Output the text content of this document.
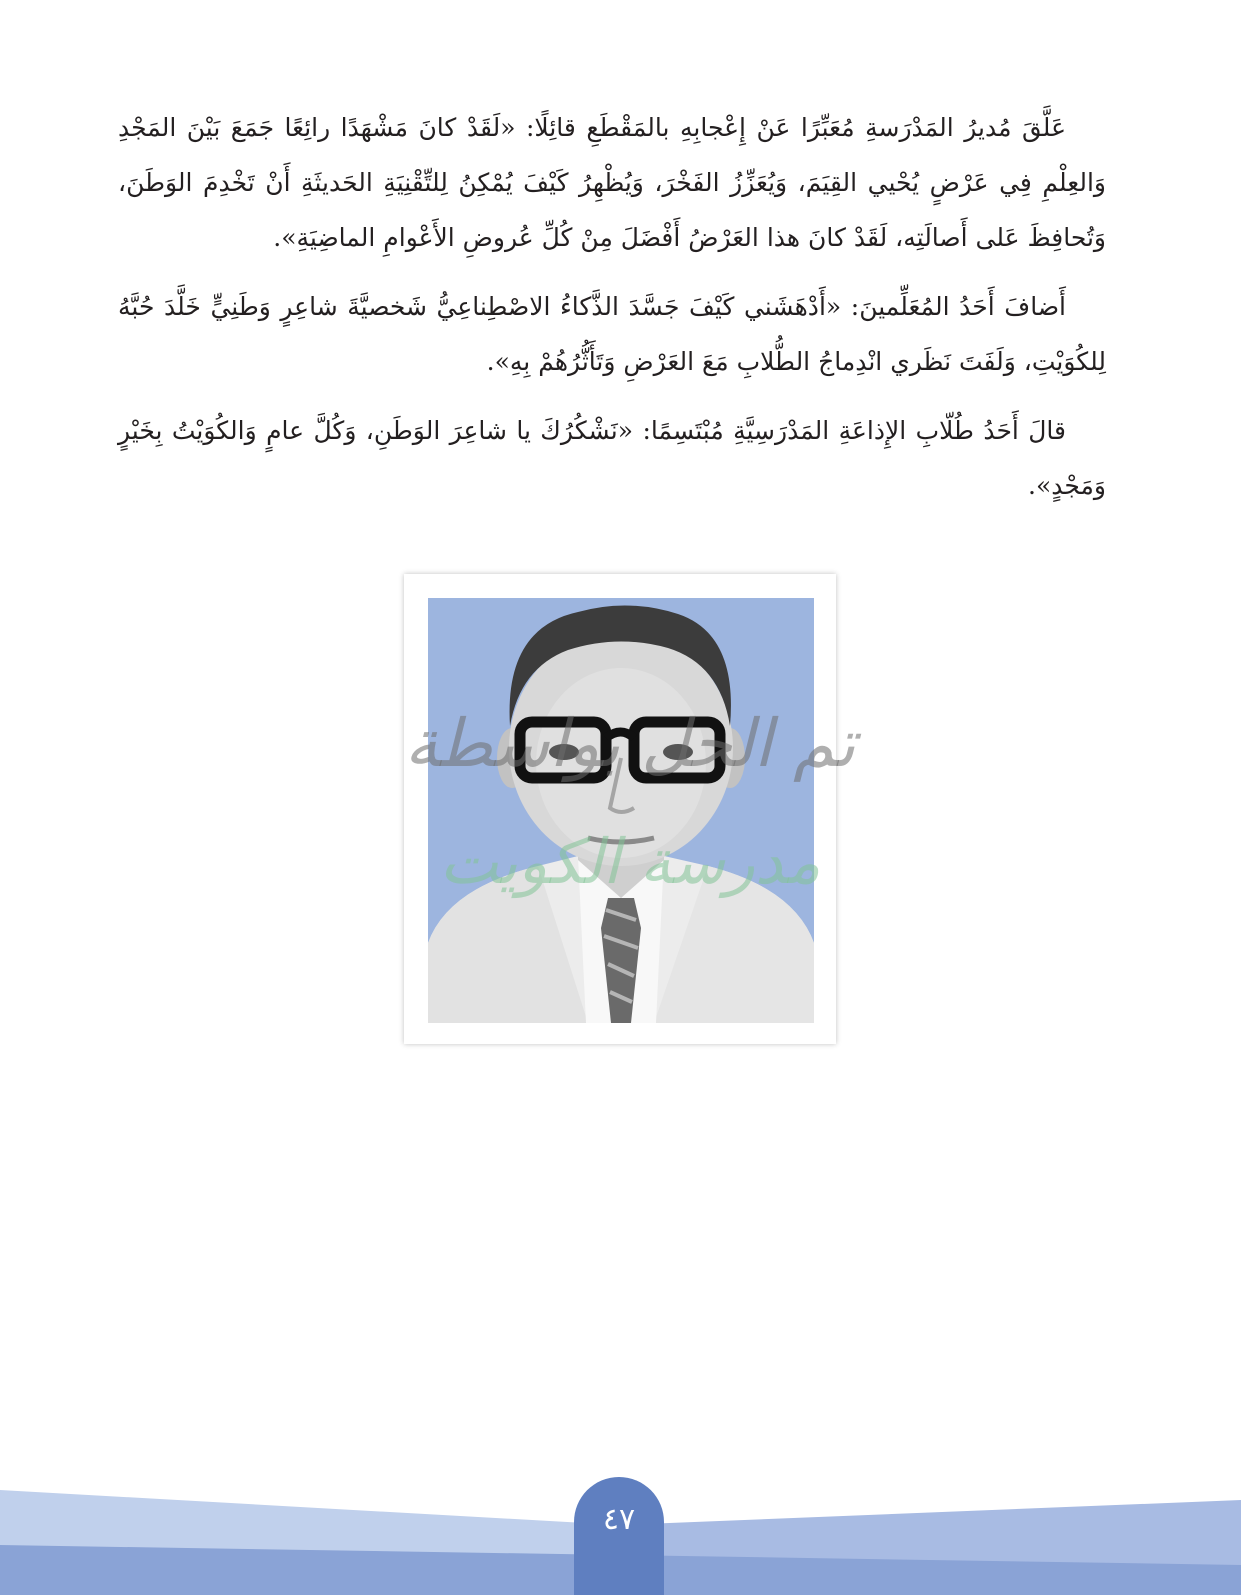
عَلَّقَ مُديرُ المَدْرَسةِ مُعَبِّرًا عَنْ إِعْجابِهِ بالمَقْطَعِ قائِلًا: «لَقَدْ كانَ مَشْهَدًا رائِعًا جَمَعَ بَيْنَ المَجْدِ وَالعِلْمِ فِي عَرْضٍ يُحْيي القِيَمَ، وَيُعَزِّزُ الفَخْرَ، وَيُظْهِرُ كَيْفَ يُمْكِنُ لِلتِّقْنِيَةِ الحَديثَةِ أَنْ تَخْدِمَ الوَطَنَ، وَتُحافِظَ عَلى أَصالَتِه، لَقَدْ كانَ هذا العَرْضُ أَفْضَلَ مِنْ كُلِّ عُروضِ الأَعْوامِ الماضِيَةِ».

أَضافَ أَحَدُ المُعَلِّمينَ: «أَدْهَشَني كَيْفَ جَسَّدَ الذَّكاءُ الاصْطِناعِيُّ شَخصيَّةَ شاعِرٍ وَطَنِيٍّ خَلَّدَ حُبَّهُ لِلكُوَيْتِ، وَلَفَتَ نَظَري انْدِماجُ الطُّلابِ مَعَ العَرْضِ وَتَأَثُّرُهُمْ بِهِ».

قالَ أَحَدُ طُلّابِ الإِذاعَةِ المَدْرَسِيَّةِ مُبْتَسِمًا: «نَشْكُرُكَ يا شاعِرَ الوَطَنِ، وَكُلَّ عامٍ وَالكُوَيْتُ بِخَيْرٍ وَمَجْدٍ».

تم الحل بواسطة
مدرسة الكويت
٤٧
